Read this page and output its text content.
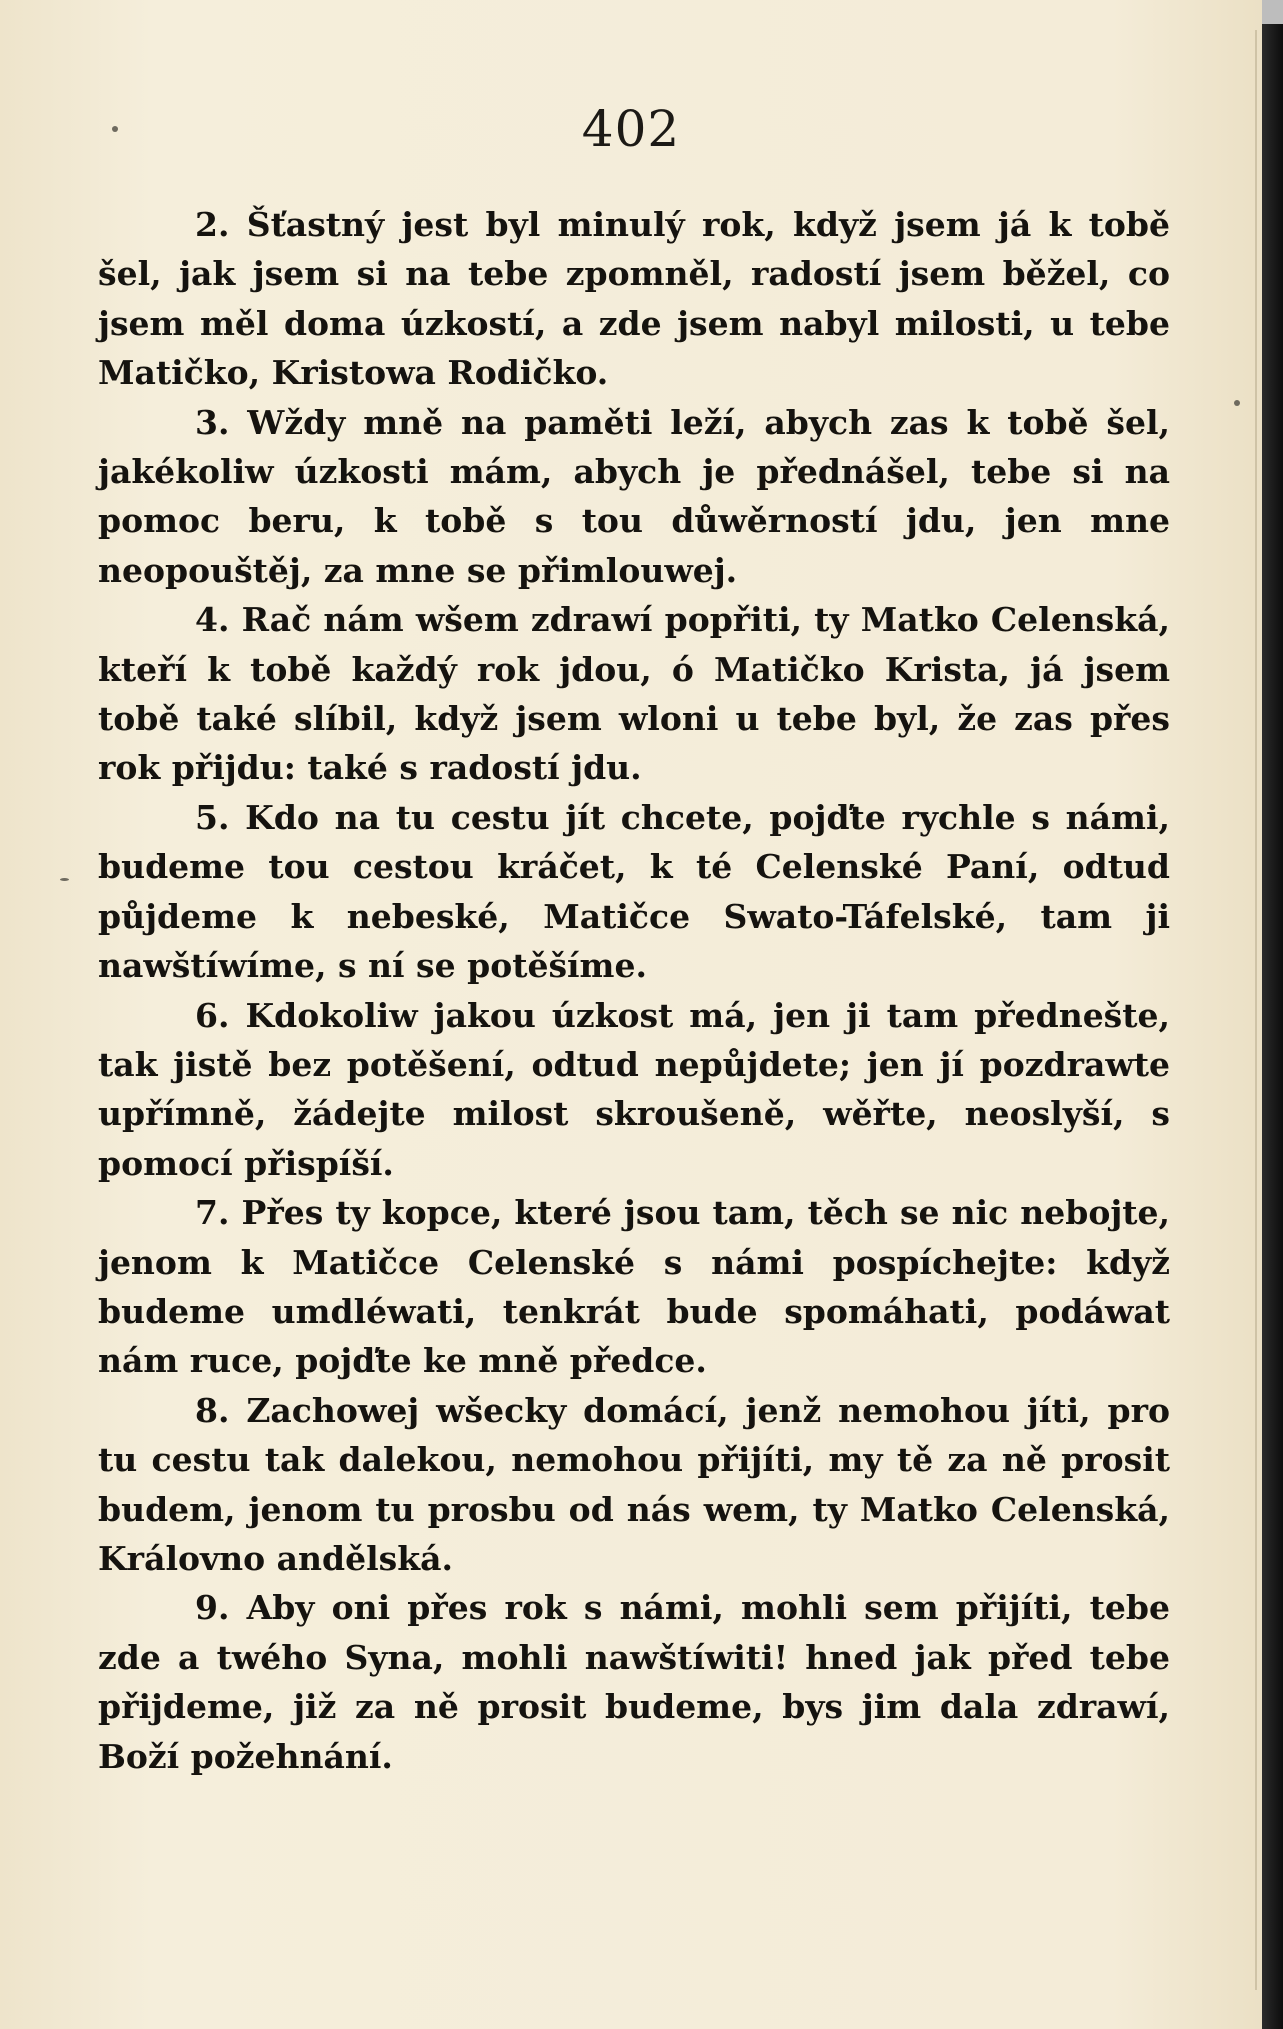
402

2. Šťastný jest byl minulý rok, když jsem já k tobě šel, jak jsem si na tebe zpomněl, radostí jsem běžel, co jsem měl doma úzkostí, a zde jsem nabyl milosti, u tebe Matičko, Kristowa Rodičko.

3. Wždy mně na paměti leží, abych zas k tobě šel, jakékoliw úzkosti mám, abych je přednášel, tebe si na pomoc beru, k tobě s tou důwěrností jdu, jen mne neopouštěj, za mne se přimlouwej.

4. Rač nám wšem zdrawí popřiti, ty Matko Celenská, kteří k tobě každý rok jdou, ó Matičko Krista, já jsem tobě také slíbil, když jsem wloni u tebe byl, že zas přes rok přijdu: také s radostí jdu.

5. Kdo na tu cestu jít chcete, pojďte rychle s námi, budeme tou cestou kráčet, k té Celenské Paní, odtud půjdeme k nebeské, Matičce Swato-Táfelské, tam ji nawštíwíme, s ní se potěšíme.

6. Kdokoliw jakou úzkost má, jen ji tam přednešte, tak jistě bez potěšení, odtud nepůjdete; jen jí pozdrawte upřímně, žádejte milost skroušeně, wěřte, neoslyší, s pomocí přispíší.

7. Přes ty kopce, které jsou tam, těch se nic nebojte, jenom k Matičce Celenské s námi pospíchejte: když budeme umdléwati, tenkrát bude spomáhati, podáwat nám ruce, pojďte ke mně předce.

8. Zachowej wšecky domácí, jenž nemohou jíti, pro tu cestu tak dalekou, nemohou přijíti, my tě za ně prosit budem, jenom tu prosbu od nás wem, ty Matko Celenská, Královno andělská.

9. Aby oni přes rok s námi, mohli sem přijíti, tebe zde a twého Syna, mohli nawštíwiti! hned jak před tebe přijdeme, již za ně prosit budeme, bys jim dala zdrawí, Boží požehnání.
